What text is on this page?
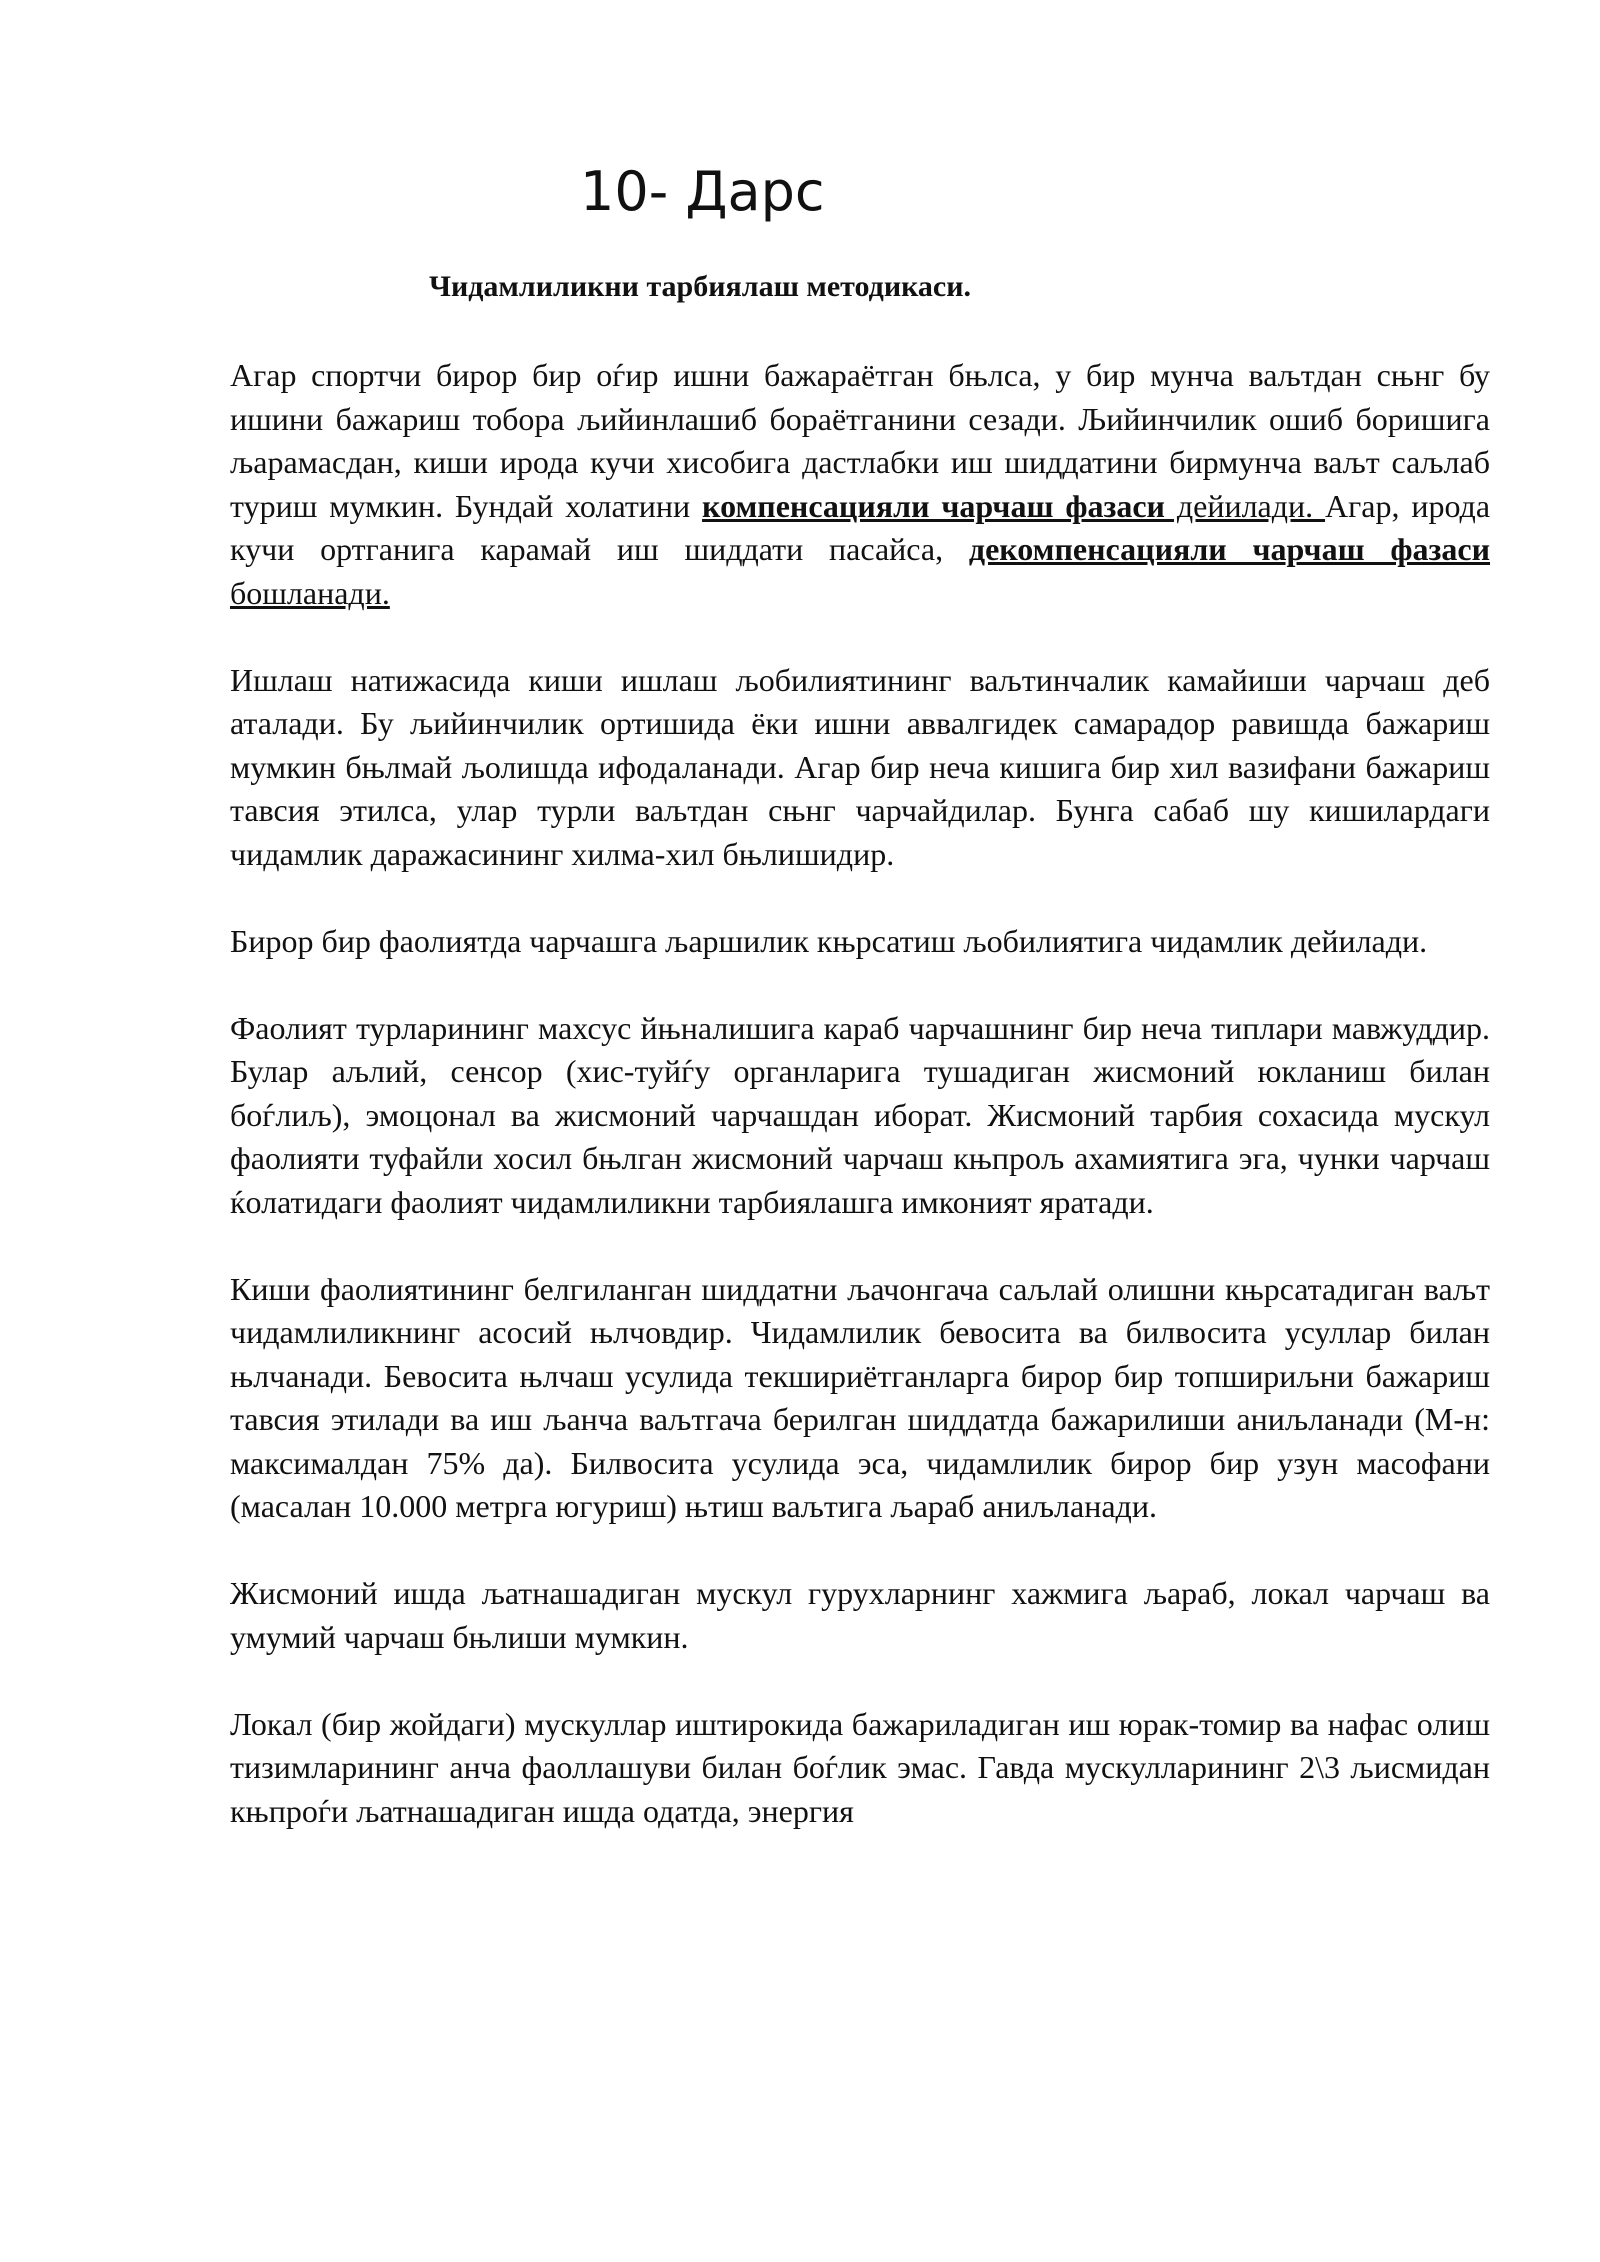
10- Дарс
Чидамлиликни тарбиялаш методикаси.

Агар спортчи бирор бир оѓир ишни бажараётган бњлса, у бир мунча ваљтдан сњнг бу ишини бажариш тобора љийинлашиб бораётганини сезади. Љийинчилик ошиб боришига љарамасдан, киши ирода кучи хисобига дастлабки иш шиддатини бирмунча ваљт саљлаб туриш мумкин. Бундай холатини компенсацияли чарчаш фазаси дейилади. Агар, ирода кучи ортганига карамай иш шиддати пасайса, декомпенсацияли чарчаш фазаси бошланади.

Ишлаш натижасида киши ишлаш љобилиятининг ваљтинчалик камайиши чарчаш деб аталади. Бу љийинчилик ортишида ёки ишни аввалгидек самарадор равишда бажариш мумкин бњлмай љолишда ифодаланади. Агар бир неча кишига бир хил вазифани бажариш тавсия этилса, улар турли ваљтдан сњнг чарчайдилар. Бунга сабаб шу кишилардаги чидамлик даражасининг хилма-хил бњлишидир.

Бирор бир фаолиятда чарчашга љаршилик књрсатиш љобилиятига чидамлик дейилади.

Фаолият турларининг махсус йњналишига караб чарчашнинг бир неча типлари мавжуддир. Булар аљлий, сенсор (хис-туйѓу органларига тушадиган жисмоний юкланиш билан боѓлиљ), эмоцонал ва жисмоний чарчашдан иборат. Жисмоний тарбия сохасида мускул фаолияти туфайли хосил бњлган жисмоний чарчаш књпрољ ахамиятига эга, чунки чарчаш ќолатидаги фаолият чидамлиликни тарбиялашга имконият яратади.

Киши фаолиятининг белгиланган шиддатни љачонгача саљлай олишни књрсатадиган ваљт чидамлиликнинг асосий њлчовдир. Чидамлилик бевосита ва билвосита усуллар билан њлчанади. Бевосита њлчаш усулида текшириётганларга бирор бир топшириљни бажариш тавсия этилади ва иш љанча ваљтгача берилган шиддатда бажарилиши аниљланади (М-н: максималдан 75% да). Билвосита усулида эса, чидамлилик бирор бир узун масофани (масалан 10.000 метрга югуриш) њтиш ваљтига љараб аниљланади.

Жисмоний ишда љатнашадиган мускул гурухларнинг хажмига љараб, локал чарчаш ва умумий чарчаш бњлиши мумкин.

Локал (бир жойдаги) мускуллар иштирокида бажариладиган иш юрак-томир ва нафас олиш тизимларининг анча фаоллашуви билан боѓлик эмас. Гавда мускулларининг 2\3 љисмидан књпроѓи љатнашадиган ишда одатда, энергия
